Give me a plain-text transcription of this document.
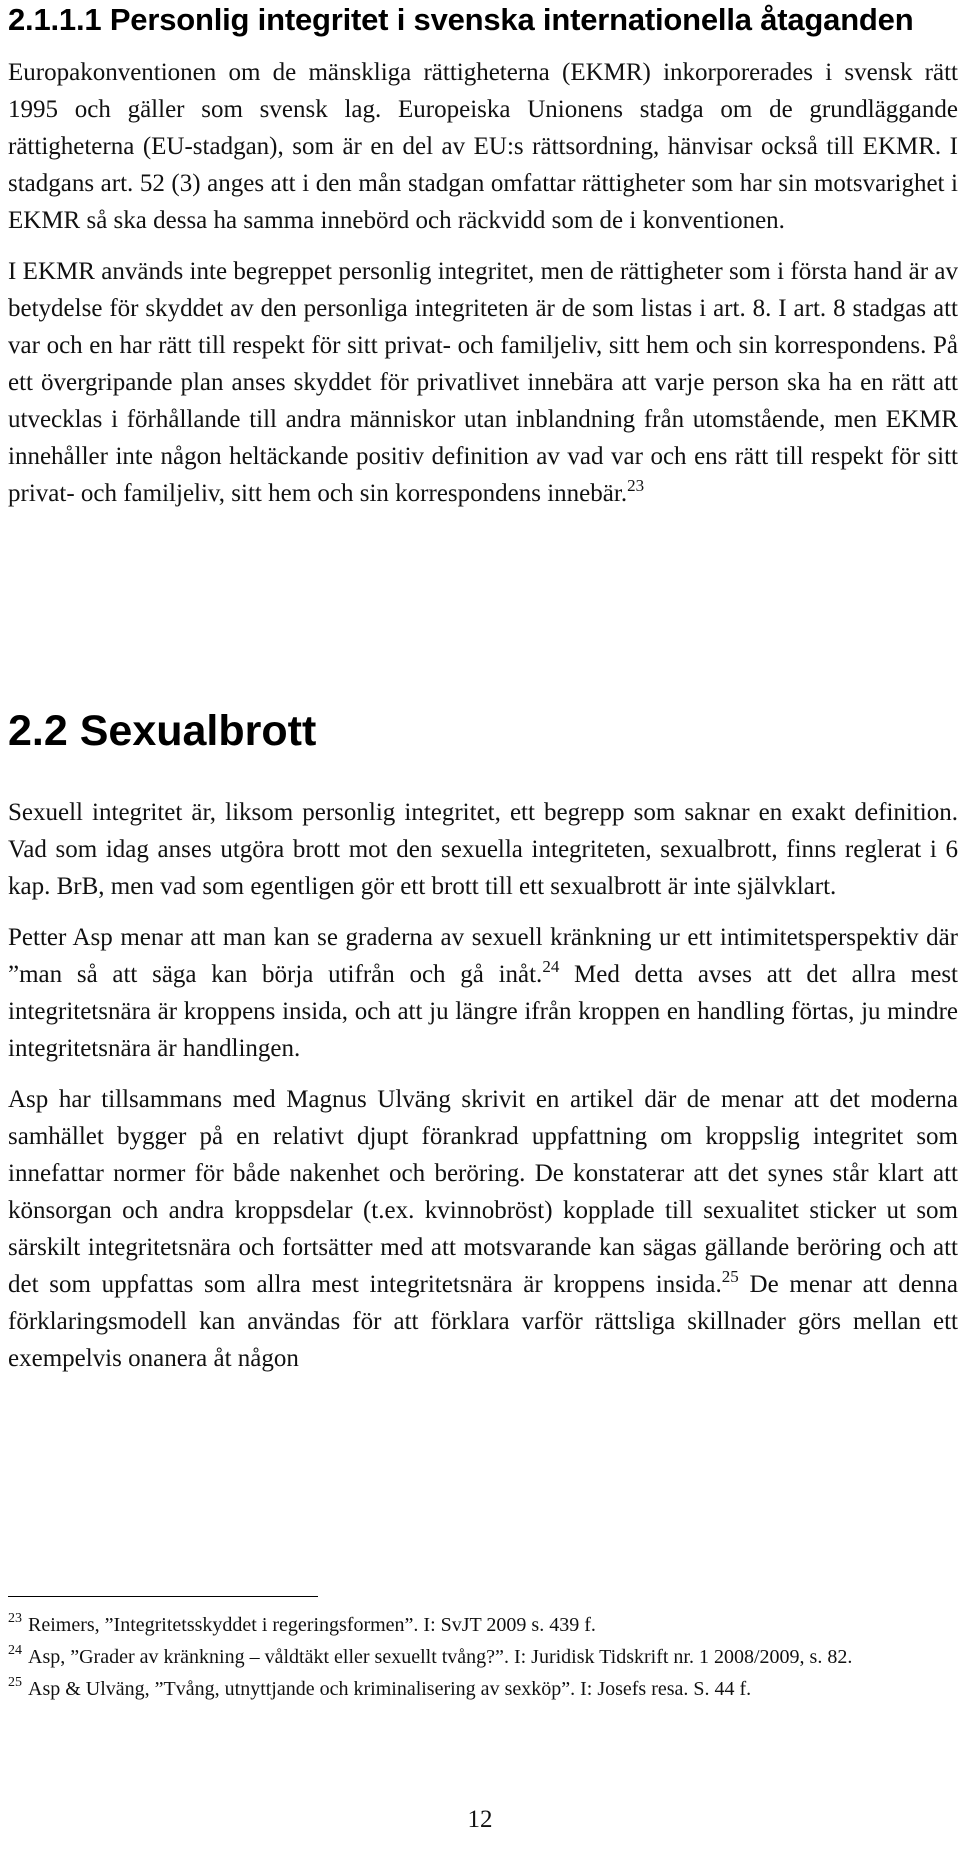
2.1.1.1 Personlig integritet i svenska internationella åtaganden

Europakonventionen om de mänskliga rättigheterna (EKMR) inkorporerades i svensk rätt 1995 och gäller som svensk lag. Europeiska Unionens stadga om de grundläggande rättigheterna (EU-stadgan), som är en del av EU:s rättsordning, hänvisar också till EKMR. I stadgans art. 52 (3) anges att i den mån stadgan omfattar rättigheter som har sin motsvarighet i EKMR så ska dessa ha samma innebörd och räckvidd som de i konventionen.

I EKMR används inte begreppet personlig integritet, men de rättigheter som i första hand är av betydelse för skyddet av den personliga integriteten är de som listas i art. 8. I art. 8 stadgas att var och en har rätt till respekt för sitt privat- och familjeliv, sitt hem och sin korrespondens. På ett övergripande plan anses skyddet för privatlivet innebära att varje person ska ha en rätt att utvecklas i förhållande till andra människor utan inblandning från utomstående, men EKMR innehåller inte någon heltäckande positiv definition av vad var och ens rätt till respekt för sitt privat- och familjeliv, sitt hem och sin korrespondens innebär.$^{23}$

2.2 Sexualbrott

Sexuell integritet är, liksom personlig integritet, ett begrepp som saknar en exakt definition. Vad som idag anses utgöra brott mot den sexuella integriteten, sexualbrott, finns reglerat i 6 kap. BrB, men vad som egentligen gör ett brott till ett sexualbrott är inte självklart.

Petter Asp menar att man kan se graderna av sexuell kränkning ur ett intimitetsperspektiv där ”man så att säga kan börja utifrån och gå inåt.$^{24}$ Med detta avses att det allra mest integritetsnära är kroppens insida, och att ju längre ifrån kroppen en handling förtas, ju mindre integritetsnära är handlingen.

Asp har tillsammans med Magnus Ulväng skrivit en artikel där de menar att det moderna samhället bygger på en relativt djupt förankrad uppfattning om kroppslig integritet som innefattar normer för både nakenhet och beröring. De konstaterar att det synes står klart att könsorgan och andra kroppsdelar (t.ex. kvinnobröst) kopplade till sexualitet sticker ut som särskilt integritetsnära och fortsätter med att motsvarande kan sägas gällande beröring och att det som uppfattas som allra mest integritetsnära är kroppens insida.$^{25}$ De menar att denna förklaringsmodell kan användas för att förklara varför rättsliga skillnader görs mellan ett exempelvis onanera åt någon

$^{23}$ Reimers, ”Integritetsskyddet i regeringsformen”. I: SvJT 2009 s. 439 f.

$^{24}$ Asp, ”Grader av kränkning – våldtäkt eller sexuellt tvång?”. I: Juridisk Tidskrift nr. 1 2008/2009, s. 82.

$^{25}$ Asp & Ulväng, ”Tvång, utnyttjande och kriminalisering av sexköp”. I: Josefs resa. S. 44 f.

12
